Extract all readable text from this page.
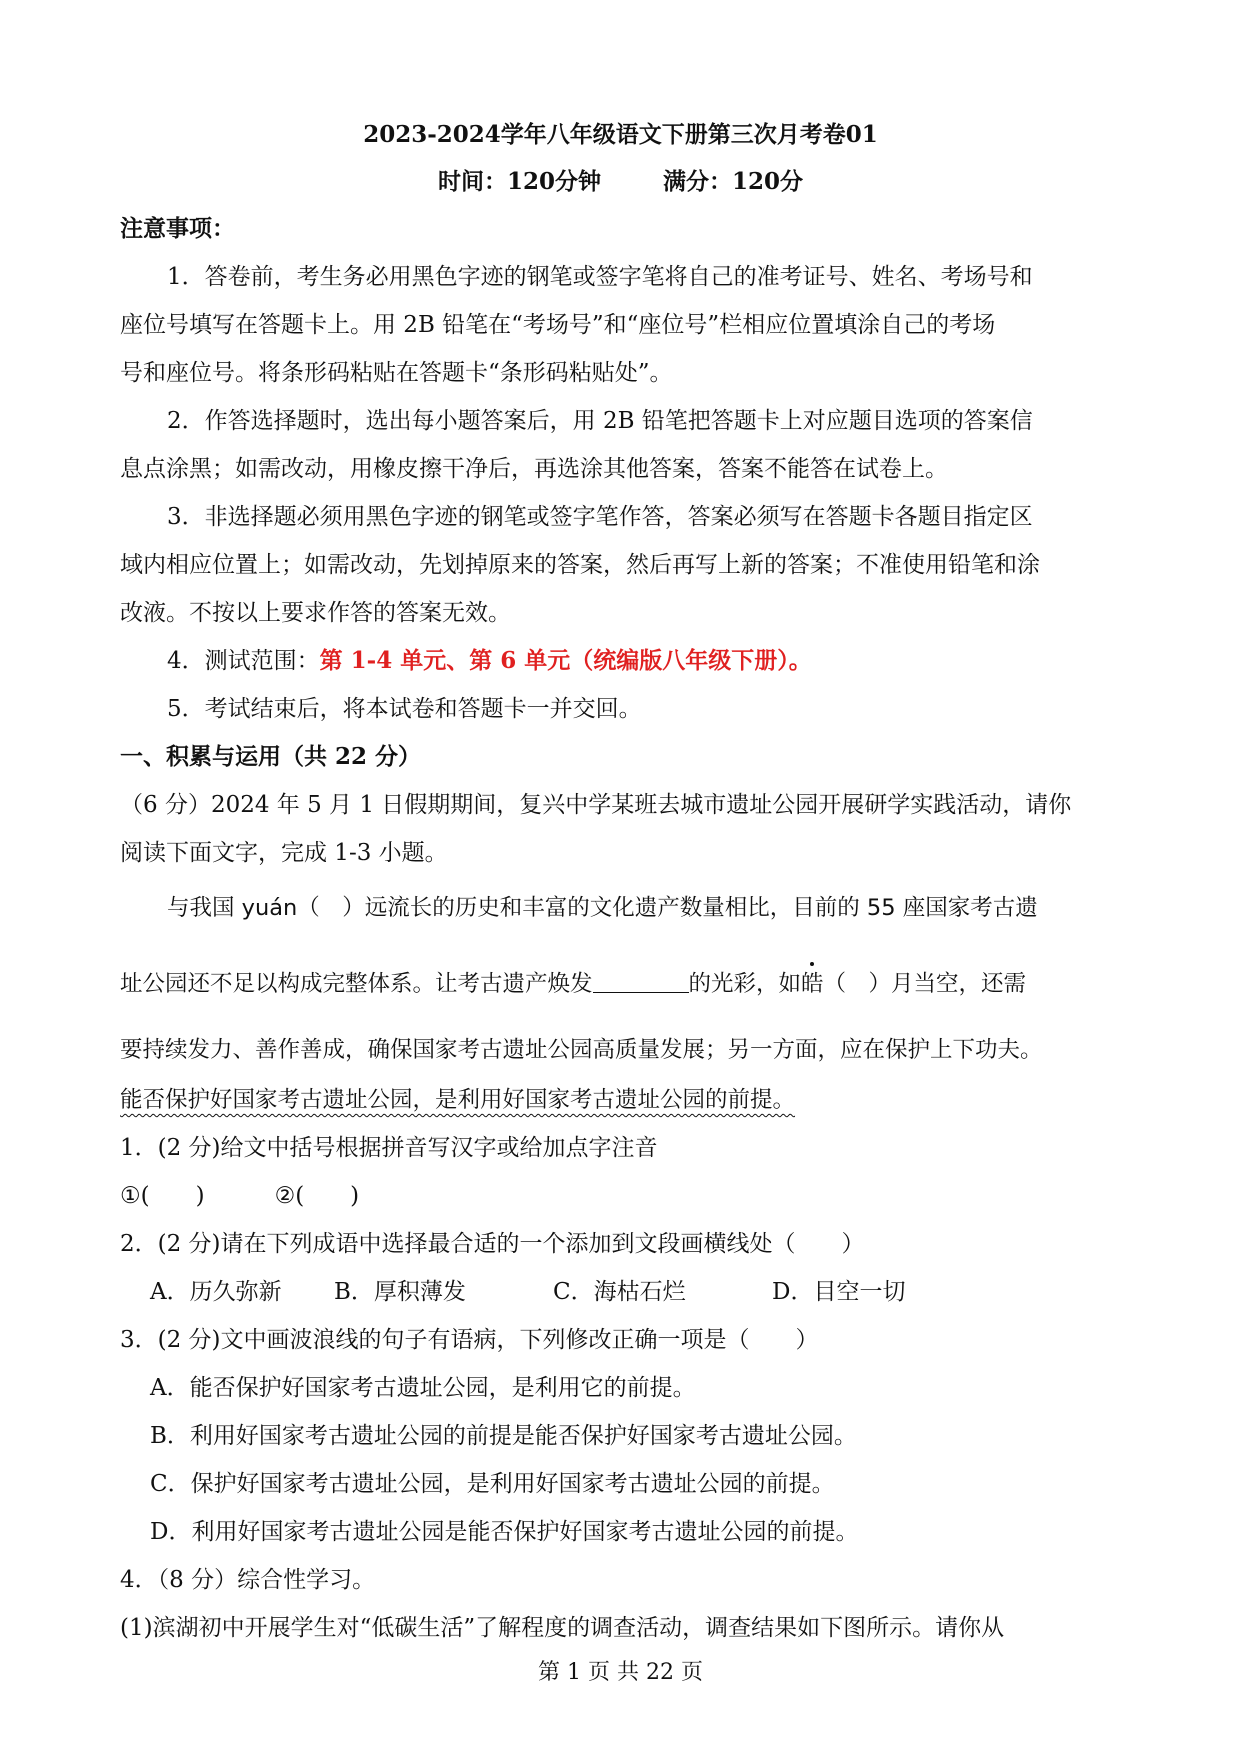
2023-2024学年八年级语文下册第三次月考卷01
时间：120分钟	满分：120分
注意事项：
1．答卷前，考生务必用黑色字迹的钢笔或签字笔将自己的准考证号、姓名、考场号和
座位号填写在答题卡上。用 2B 铅笔在“考场号”和“座位号”栏相应位置填涂自己的考场
号和座位号。将条形码粘贴在答题卡“条形码粘贴处”。
2．作答选择题时，选出每小题答案后，用 2B 铅笔把答题卡上对应题目选项的答案信
息点涂黑；如需改动，用橡皮擦干净后，再选涂其他答案，答案不能答在试卷上。
3．非选择题必须用黑色字迹的钢笔或签字笔作答，答案必须写在答题卡各题目指定区
域内相应位置上；如需改动，先划掉原来的答案，然后再写上新的答案；不准使用铅笔和涂
改液。不按以上要求作答的答案无效。
4．测试范围：第 1-4 单元、第 6 单元（统编版八年级下册）。
5．考试结束后，将本试卷和答题卡一并交回。
一、积累与运用（共 22 分）
（6 分）2024 年 5 月 1 日假期期间，复兴中学某班去城市遗址公园开展研学实践活动，请你
阅读下面文字，完成 1-3 小题。
与我国 yuán（　）远流长的历史和丰富的文化遗产数量相比，目前的 55 座国家考古遗
址公园还不足以构成完整体系。让考古遗产焕发	的光彩，如皓（　）月当空，还需
要持续发力、善作善成，确保国家考古遗址公园高质量发展；另一方面，应在保护上下功夫。
能否保护好国家考古遗址公园，是利用好国家考古遗址公园的前提。
1．(2 分)给文中括号根据拼音写汉字或给加点字注音
①(　　)	②(　　)
2．(2 分)请在下列成语中选择最合适的一个添加到文段画横线处（　　）
A．历久弥新 B．厚积薄发	C．海枯石烂	D．目空一切
3．(2 分)文中画波浪线的句子有语病，下列修改正确一项是（　　）
A．能否保护好国家考古遗址公园，是利用它的前提。
B．利用好国家考古遗址公园的前提是能否保护好国家考古遗址公园。
C．保护好国家考古遗址公园，是利用好国家考古遗址公园的前提。
D．利用好国家考古遗址公园是能否保护好国家考古遗址公园的前提。
4．（8 分）综合性学习。
(1)滨湖初中开展学生对“低碳生活”了解程度的调查活动，调查结果如下图所示。请你从
第 1 页 共 22 页
